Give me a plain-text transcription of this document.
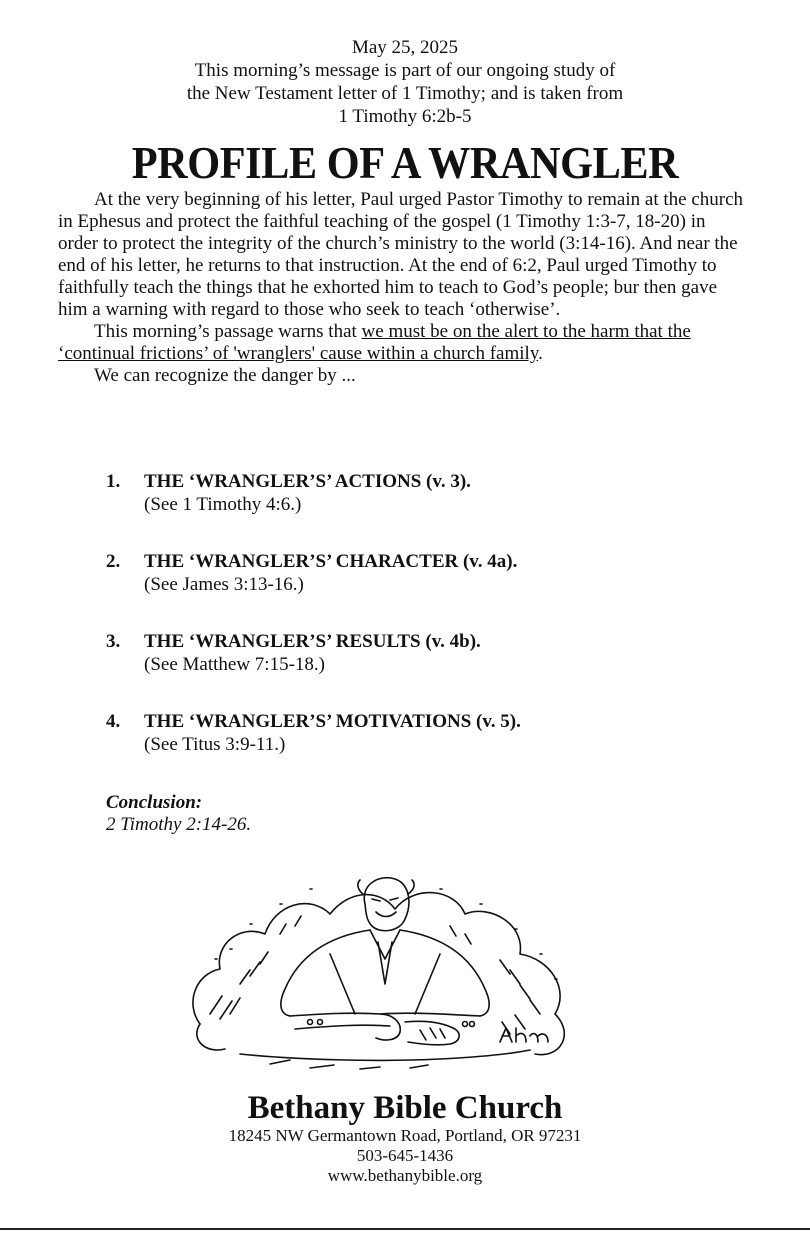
May 25, 2025
This morning’s message is part of our ongoing study of
the New Testament letter of 1 Timothy; and is taken from
1 Timothy 6:2b-5
PROFILE OF A WRANGLER

At the very beginning of his letter, Paul urged Pastor Timothy to remain at the church in Ephesus and protect the faithful teaching of the gospel (1 Timothy 1:3-7, 18-20) in order to protect the integrity of the church’s ministry to the world (3:14-16). And near the end of his letter, he returns to that instruction. At the end of 6:2, Paul urged Timothy to faithfully teach the things that he exhorted him to teach to God’s people; bur then gave him a warning with regard to those who seek to teach ‘otherwise’.

This morning’s passage warns that we must be on the alert to the harm that the ‘continual frictions’ of 'wranglers' cause within a church family.

We can recognize the danger by ...

1. THE ‘WRANGLER’S’ ACTIONS (v. 3).
(See 1 Timothy 4:6.)
2. THE ‘WRANGLER’S’ CHARACTER (v. 4a).
(See James 3:13-16.)
3. THE ‘WRANGLER’S’ RESULTS (v. 4b).
(See Matthew 7:15-18.)
4. THE ‘WRANGLER’S’ MOTIVATIONS (v. 5).
(See Titus 3:9-11.)
Conclusion:
2 Timothy 2:14-26.
Bethany Bible Church
18245 NW Germantown Road, Portland, OR 97231
503-645-1436
www.bethanybible.org
